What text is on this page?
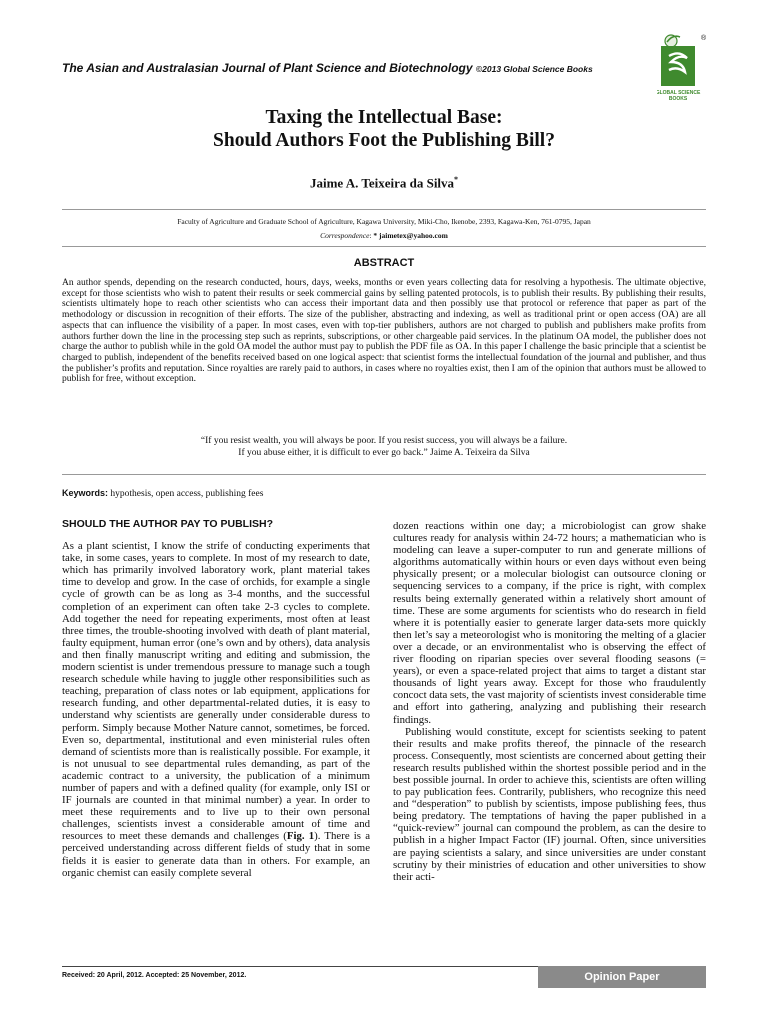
The Asian and Australasian Journal of Plant Science and Biotechnology ©2013 Global Science Books
®
GLOBAL SCIENCE
BOOKS
Taxing the Intellectual Base:
Should Authors Foot the Publishing Bill?
Jaime A. Teixeira da Silva*
Faculty of Agriculture and Graduate School of Agriculture, Kagawa University, Miki-Cho, Ikenobe, 2393, Kagawa-Ken, 761-0795, Japan
Correspondence: * jaimetex@yahoo.com
ABSTRACT
An author spends, depending on the research conducted, hours, days, weeks, months or even years collecting data for resolving a hypothesis. The ultimate objective, except for those scientists who wish to patent their results or seek commercial gains by selling patented protocols, is to publish their results. By publishing their results, scientists ultimately hope to reach other scientists who can access their important data and then possibly use that protocol or reference that paper as part of the methodology or discussion in recognition of their efforts. The size of the publisher, abstracting and indexing, as well as traditional print or open access (OA) are all aspects that can influence the visibility of a paper. In most cases, even with top-tier publishers, authors are not charged to publish and publishers make profits from authors further down the line in the processing step such as reprints, subscriptions, or other chargeable paid services. In the platinum OA model, the publisher does not charge the author to publish while in the gold OA model the author must pay to publish the PDF file as OA. In this paper I challenge the basic principle that a scientist be charged to publish, independent of the benefits received based on one logical aspect: that scientist forms the intellectual foundation of the journal and publisher, and thus the publisher’s profits and reputation. Since royalties are rarely paid to authors, in cases where no royalties exist, then I am of the opinion that authors must be allowed to publish for free, without exception.
“If you resist wealth, you will always be poor. If you resist success, you will always be a failure.
If you abuse either, it is difficult to ever go back.” Jaime A. Teixeira da Silva
Keywords: hypothesis, open access, publishing fees
SHOULD THE AUTHOR PAY TO PUBLISH?

As a plant scientist, I know the strife of conducting experiments that take, in some cases, years to complete. In most of my research to date, which has primarily involved laboratory work, plant material takes time to develop and grow. In the case of orchids, for example a single cycle of growth can be as long as 3-4 months, and the successful completion of an experiment can often take 2-3 cycles to complete. Add together the need for repeating experiments, most often at least three times, the trouble-shooting involved with death of plant material, faulty equipment, human error (one’s own and by others), data analysis and then finally manuscript writing and editing and submission, the modern scientist is under tremendous pressure to manage such a tough research schedule while having to juggle other responsibilities such as teaching, preparation of class notes or lab equipment, applications for research funding, and other departmental-related duties, it is easy to understand why scientists are generally under considerable duress to perform. Simply because Mother Nature cannot, sometimes, be forced. Even so, departmental, institutional and even ministerial rules often demand of scientists more than is realistically possible. For example, it is not unusual to see departmental rules demanding, as part of the academic contract to a university, the publication of a minimum number of papers and with a defined quality (for example, only ISI or IF journals are counted in that minimal number) a year. In order to meet these requirements and to live up to their own personal challenges, scientists invest a considerable amount of time and resources to meet these demands and challenges (Fig. 1). There is a perceived understanding across different fields of study that in some fields it is easier to generate data than in others. For example, an organic chemist can easily complete several

dozen reactions within one day; a microbiologist can grow shake cultures ready for analysis within 24-72 hours; a mathematician who is modeling can leave a super-computer to run and generate millions of algorithms automatically within hours or even days without even being physically present; or a molecular biologist can outsource cloning or sequencing services to a company, if the price is right, with complex results being externally generated within a relatively short amount of time. These are some arguments for scientists who do research in field where it is potentially easier to generate larger data-sets more quickly then let’s say a meteorologist who is monitoring the melting of a glacier over a decade, or an environmentalist who is observing the effect of river flooding on riparian species over several flooding seasons (= years), or even a space-related project that aims to target a distant star thousands of light years away. Except for those who fraudulently concoct data sets, the vast majority of scientists invest considerable time and effort into gathering, analyzing and publishing their research findings.

Publishing would constitute, except for scientists seeking to patent their results and make profits thereof, the pinnacle of the research process. Consequently, most scientists are concerned about getting their research results published within the shortest possible period and in the best possible journal. In order to achieve this, scientists are often willing to pay publication fees. Contrarily, publishers, who recognize this need and “desperation” to publish by scientists, impose publishing fees, thus being predatory. The temptations of having the paper published in a “quick-review” journal can compound the problem, as can the desire to publish in a higher Impact Factor (IF) journal. Often, since universities are paying scientists a salary, and since universities are under constant scrutiny by their ministries of education and other universities to show their acti-

Received: 20 April, 2012. Accepted: 25 November, 2012.	Opinion Paper
